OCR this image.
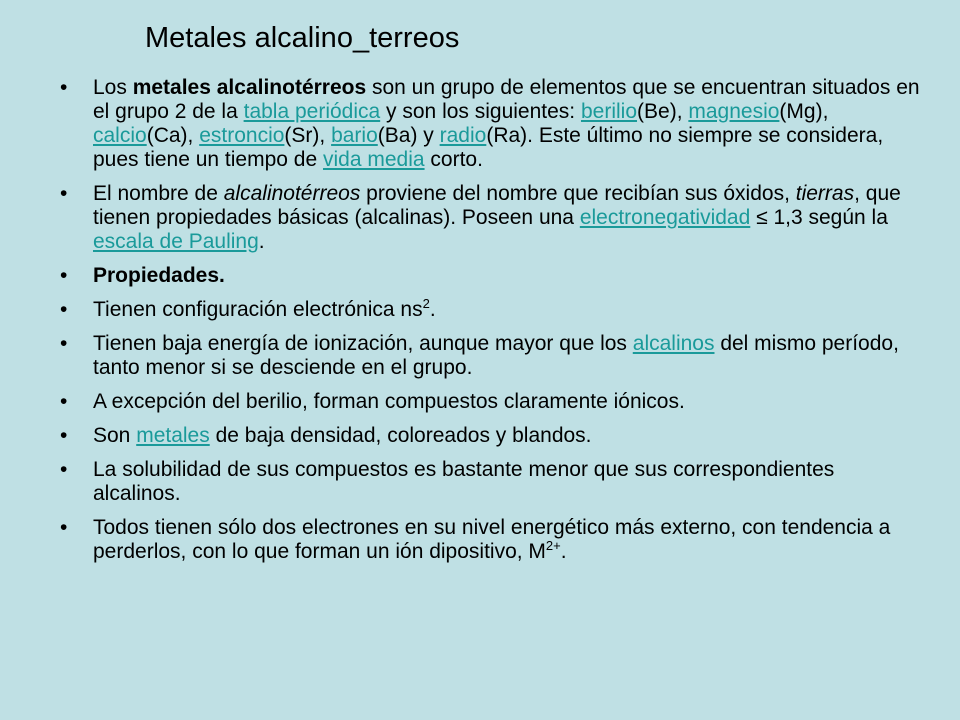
Metales alcalino_terreos
• Los metales alcalinotérreos son un grupo de elementos que se encuentran situados en el grupo 2 de la tabla periódica y son los siguientes: berilio(Be), magnesio(Mg), calcio(Ca), estroncio(Sr), bario(Ba) y radio(Ra). Este último no siempre se considera, pues tiene un tiempo de vida media corto.
• El nombre de alcalinotérreos proviene del nombre que recibían sus óxidos, tierras, que tienen propiedades básicas (alcalinas). Poseen una electronegatividad ≤ 1,3 según la escala de Pauling.
• Propiedades.
• Tienen configuración electrónica $ns^2$.
• Tienen baja energía de ionización, aunque mayor que los alcalinos del mismo período, tanto menor si se desciende en el grupo.
• A excepción del berilio, forman compuestos claramente iónicos.
• Son metales de baja densidad, coloreados y blandos.
• La solubilidad de sus compuestos es bastante menor que sus correspondientes alcalinos.
• Todos tienen sólo dos electrones en su nivel energético más externo, con tendencia a perderlos, con lo que forman un ión dipositivo, $M^{2+}$.
